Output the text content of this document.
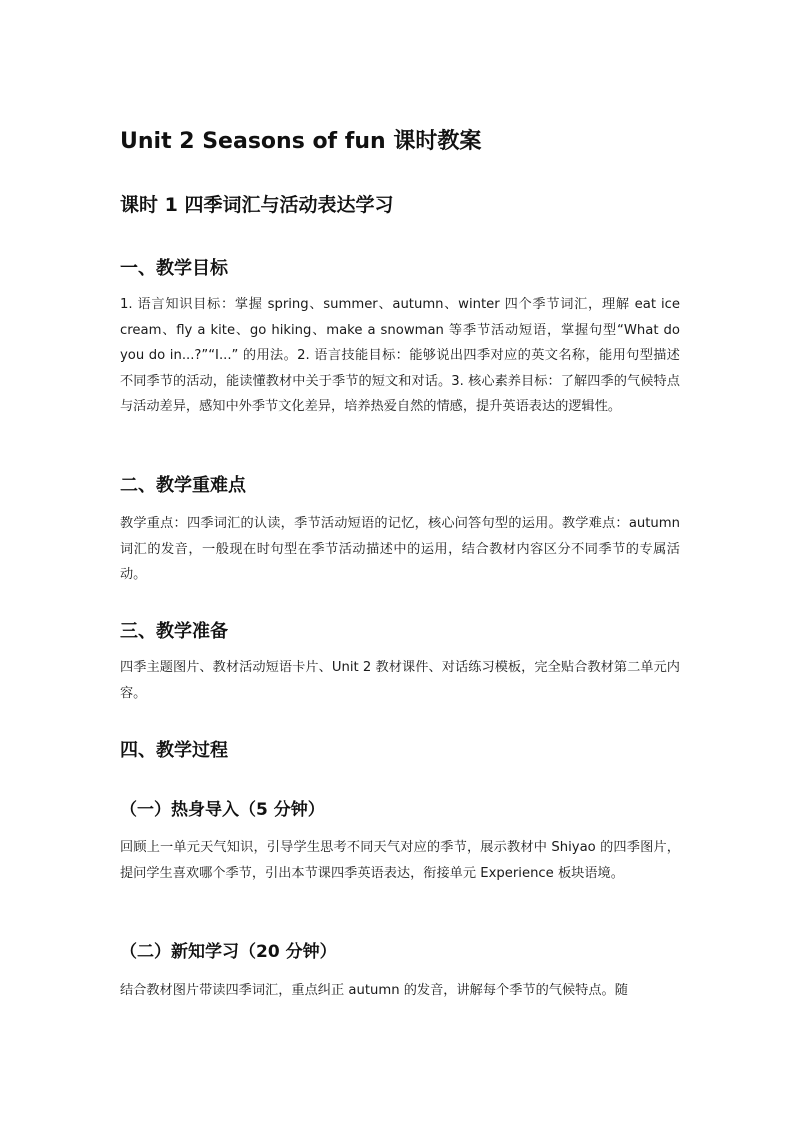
Unit 2 Seasons of fun 课时教案
课时 1 四季词汇与活动表达学习
一、教学目标
1. 语言知识目标：掌握 spring、summer、autumn、winter 四个季节词汇，理解 eat ice cream、fly a kite、go hiking、make a snowman 等季节活动短语，掌握句型“What do you do in...?”“I...” 的用法。2. 语言技能目标：能够说出四季对应的英文名称，能用句型描述不同季节的活动，能读懂教材中关于季节的短文和对话。3. 核心素养目标：了解四季的气候特点与活动差异，感知中外季节文化差异，培养热爱自然的情感，提升英语表达的逻辑性。
二、教学重难点
教学重点：四季词汇的认读，季节活动短语的记忆，核心问答句型的运用。教学难点：autumn 词汇的发音，一般现在时句型在季节活动描述中的运用，结合教材内容区分不同季节的专属活动。
三、教学准备
四季主题图片、教材活动短语卡片、Unit 2 教材课件、对话练习模板，完全贴合教材第二单元内容。
四、教学过程
（一）热身导入（5 分钟）
回顾上一单元天气知识，引导学生思考不同天气对应的季节，展示教材中 Shiyao 的四季图片，提问学生喜欢哪个季节，引出本节课四季英语表达，衔接单元 Experience 板块语境。
（二）新知学习（20 分钟）
结合教材图片带读四季词汇，重点纠正 autumn 的发音，讲解每个季节的气候特点。随
